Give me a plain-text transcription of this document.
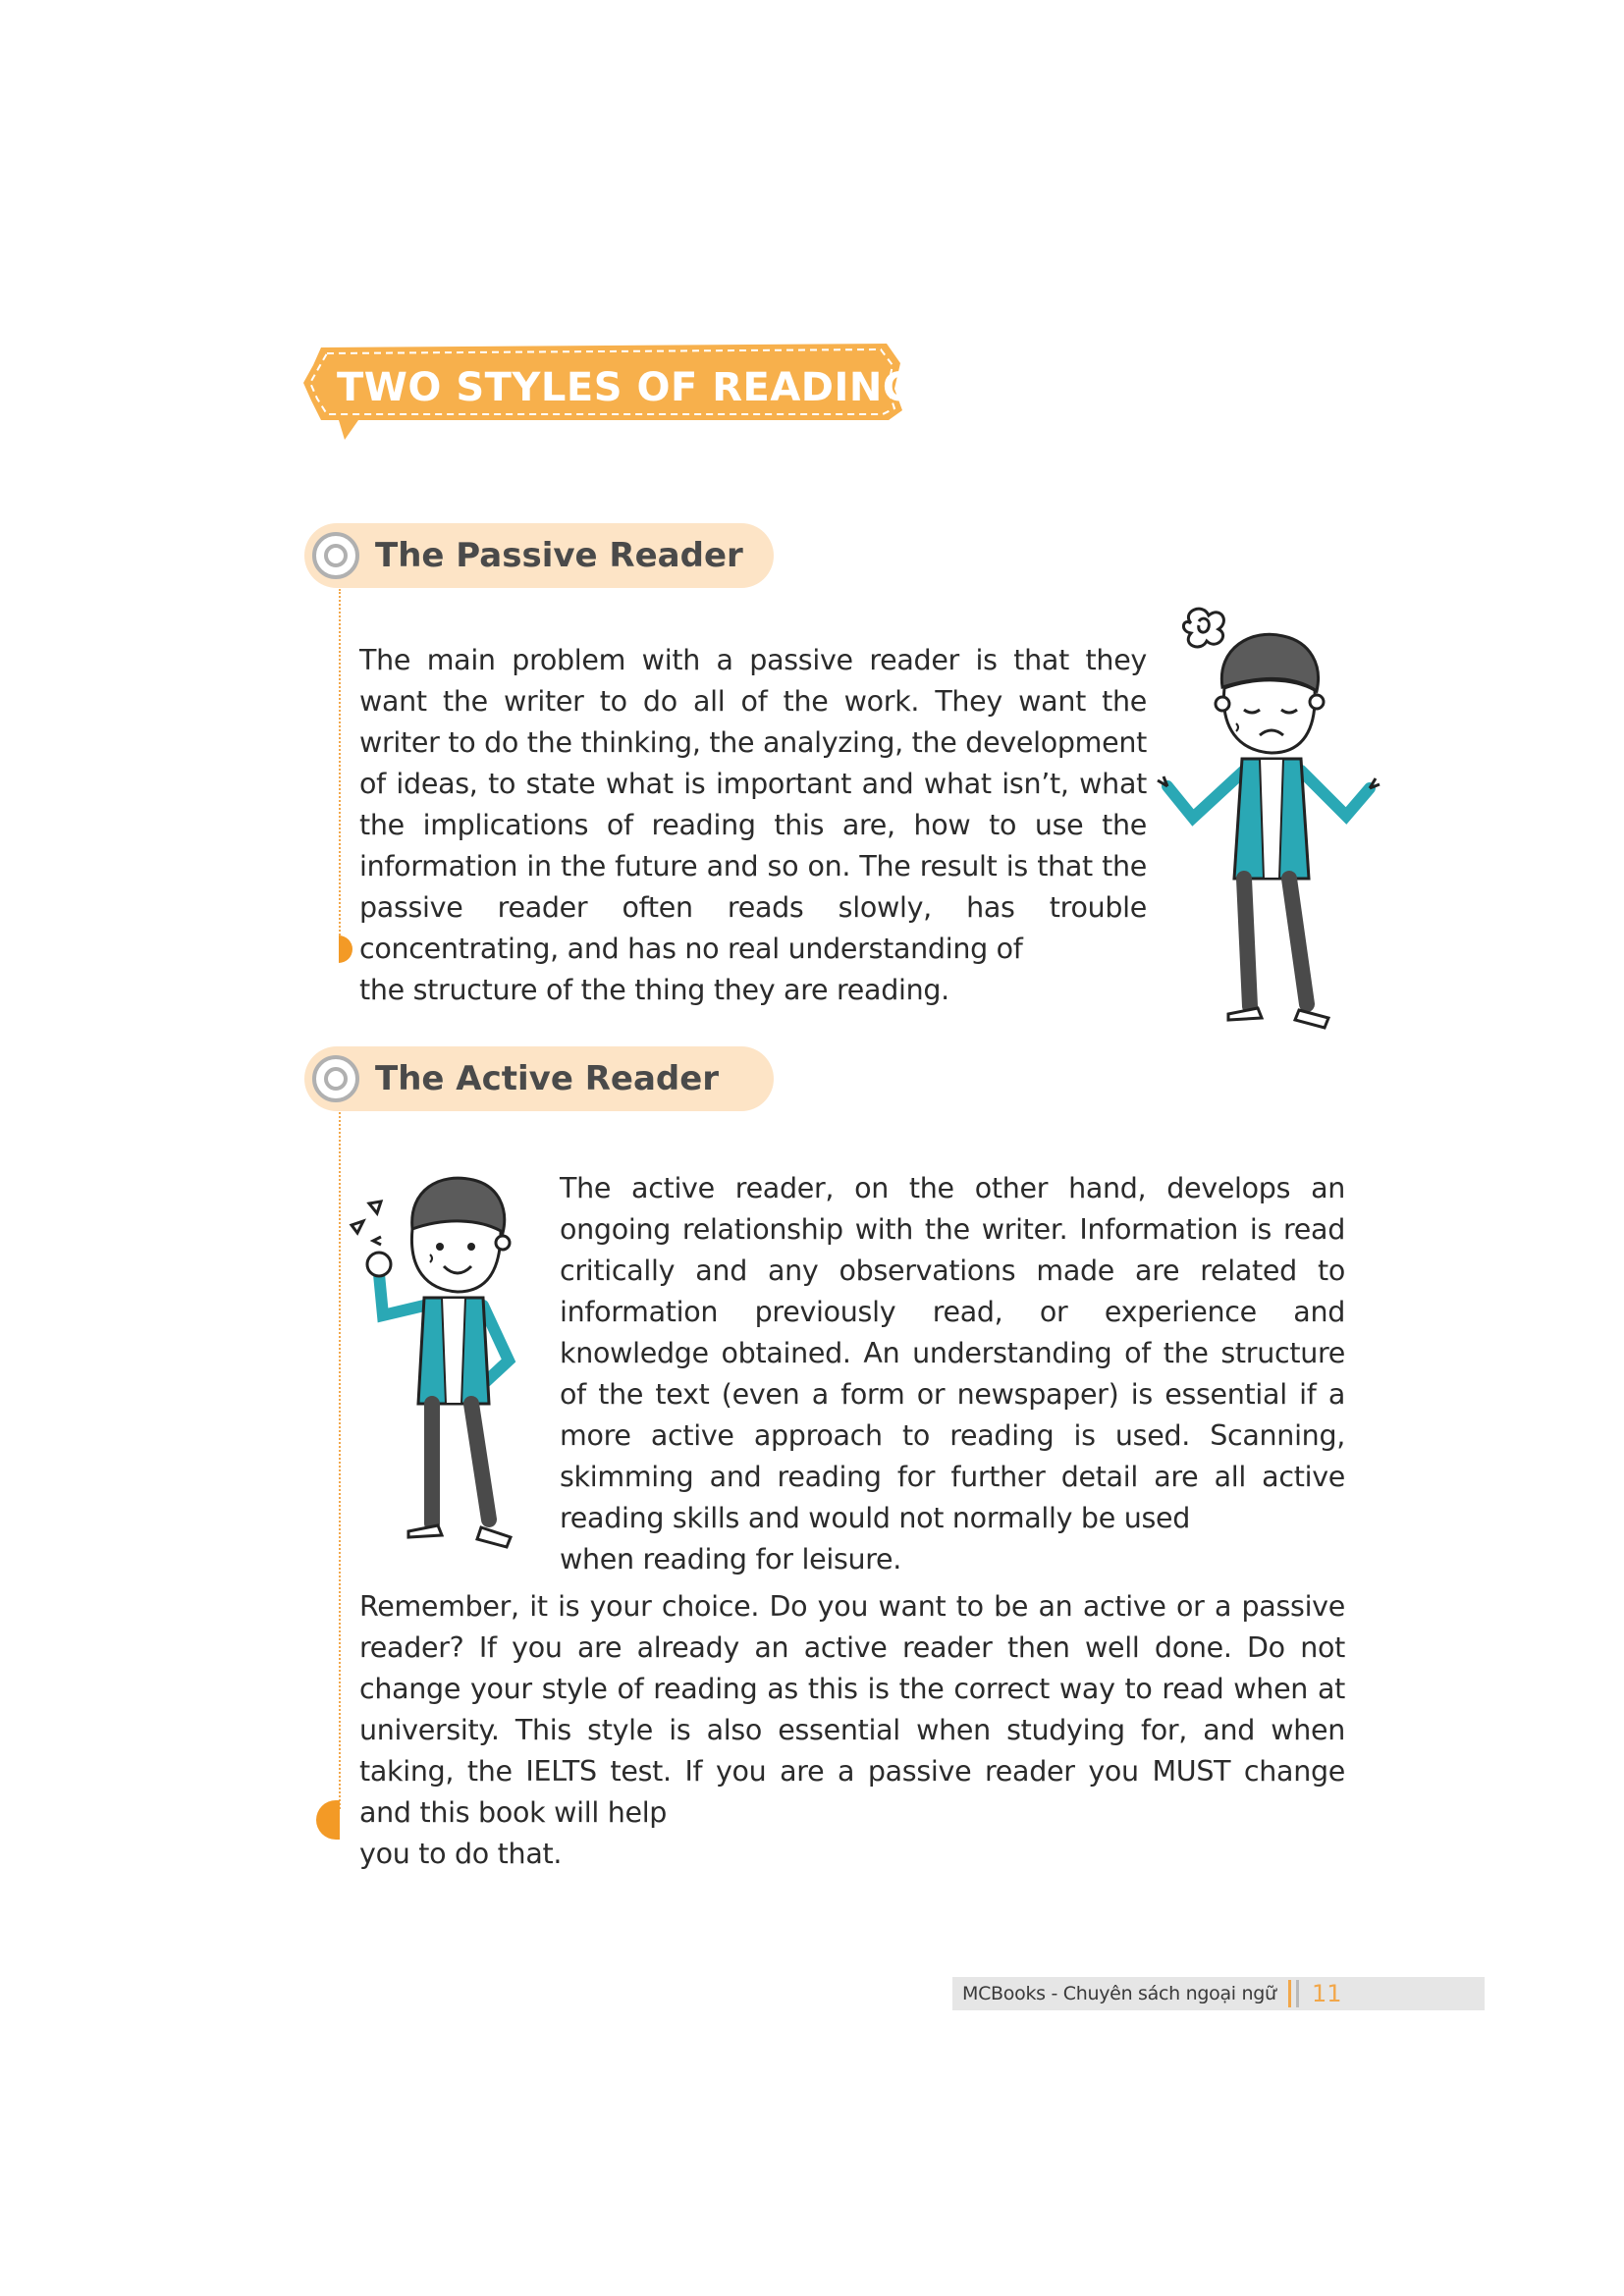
TWO STYLES OF READING
The Passive Reader

The main problem with a passive reader is that they want the writer to do all of the work. They want the writer to do the thinking, the analyzing, the development of ideas, to state what is important and what isn’t, what the implications of reading this are, how to use the information in the future and so on. The result is that the passive reader often reads slowly, has trouble concentrating, and has no real understanding of
the structure of the thing they are reading.

The Active Reader

The active reader, on the other hand, develops an ongoing relationship with the writer. Information is read critically and any observations made are related to information previously read, or experience and knowledge obtained. An understanding of the structure of the text (even a form or newspaper) is essential if a more active approach to reading is used. Scanning, skimming and reading for further detail are all active reading skills and would not normally be used
when reading for leisure.

Remember, it is your choice. Do you want to be an active or a passive reader? If you are already an active reader then well done. Do not change your style of reading as this is the correct way to read when at university. This style is also essential when studying for, and when taking, the IELTS test. If you are a passive reader you MUST change and this book will help
you to do that.

MCBooks - Chuyên sách ngoại ngữ 11
